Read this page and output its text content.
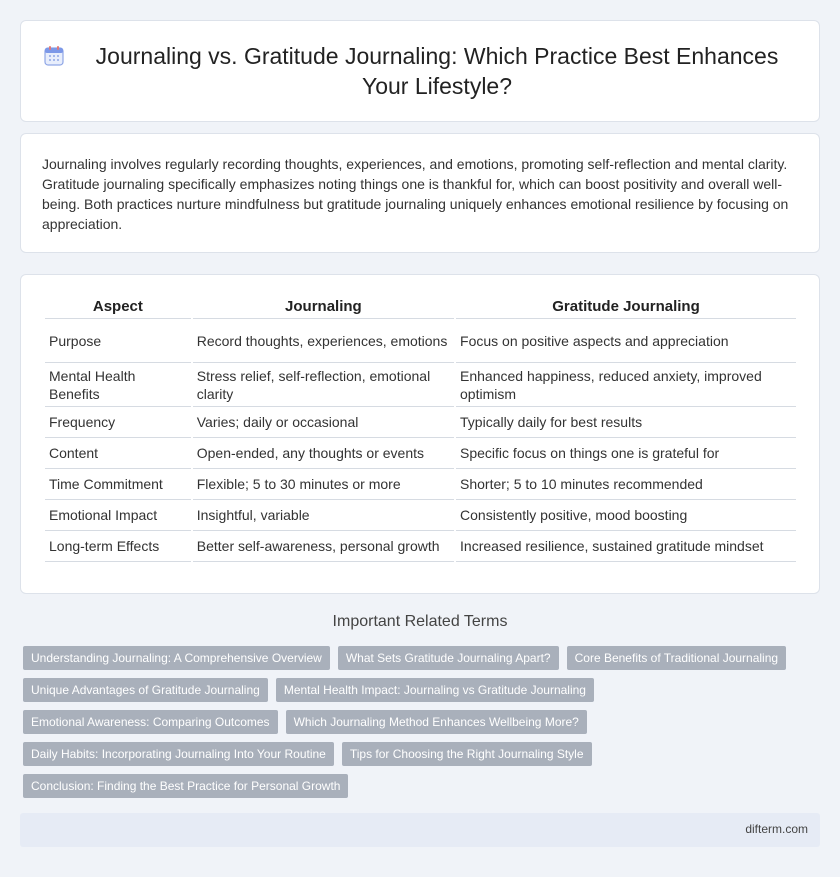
Journaling vs. Gratitude Journaling: Which Practice Best Enhances Your Lifestyle?

Journaling involves regularly recording thoughts, experiences, and emotions, promoting self-reflection and mental clarity. Gratitude journaling specifically emphasizes noting things one is thankful for, which can boost positivity and overall well-being. Both practices nurture mindfulness but gratitude journaling uniquely enhances emotional resilience by focusing on appreciation.

Aspect	Journaling	Gratitude Journaling
Purpose	Record thoughts, experiences, emotions	Focus on positive aspects and appreciation
Mental Health Benefits	Stress relief, self-reflection, emotional clarity	Enhanced happiness, reduced anxiety, improved optimism
Frequency	Varies; daily or occasional	Typically daily for best results
Content	Open-ended, any thoughts or events	Specific focus on things one is grateful for
Time Commitment	Flexible; 5 to 30 minutes or more	Shorter; 5 to 10 minutes recommended
Emotional Impact	Insightful, variable	Consistently positive, mood boosting
Long-term Effects	Better self-awareness, personal growth	Increased resilience, sustained gratitude mindset
Important Related Terms
Understanding Journaling: A Comprehensive Overview	What Sets Gratitude Journaling Apart?	Core Benefits of Traditional Journaling
Unique Advantages of Gratitude Journaling	Mental Health Impact: Journaling vs Gratitude Journaling
Emotional Awareness: Comparing Outcomes	Which Journaling Method Enhances Wellbeing More?
Daily Habits: Incorporating Journaling Into Your Routine	Tips for Choosing the Right Journaling Style
Conclusion: Finding the Best Practice for Personal Growth
difterm.com
